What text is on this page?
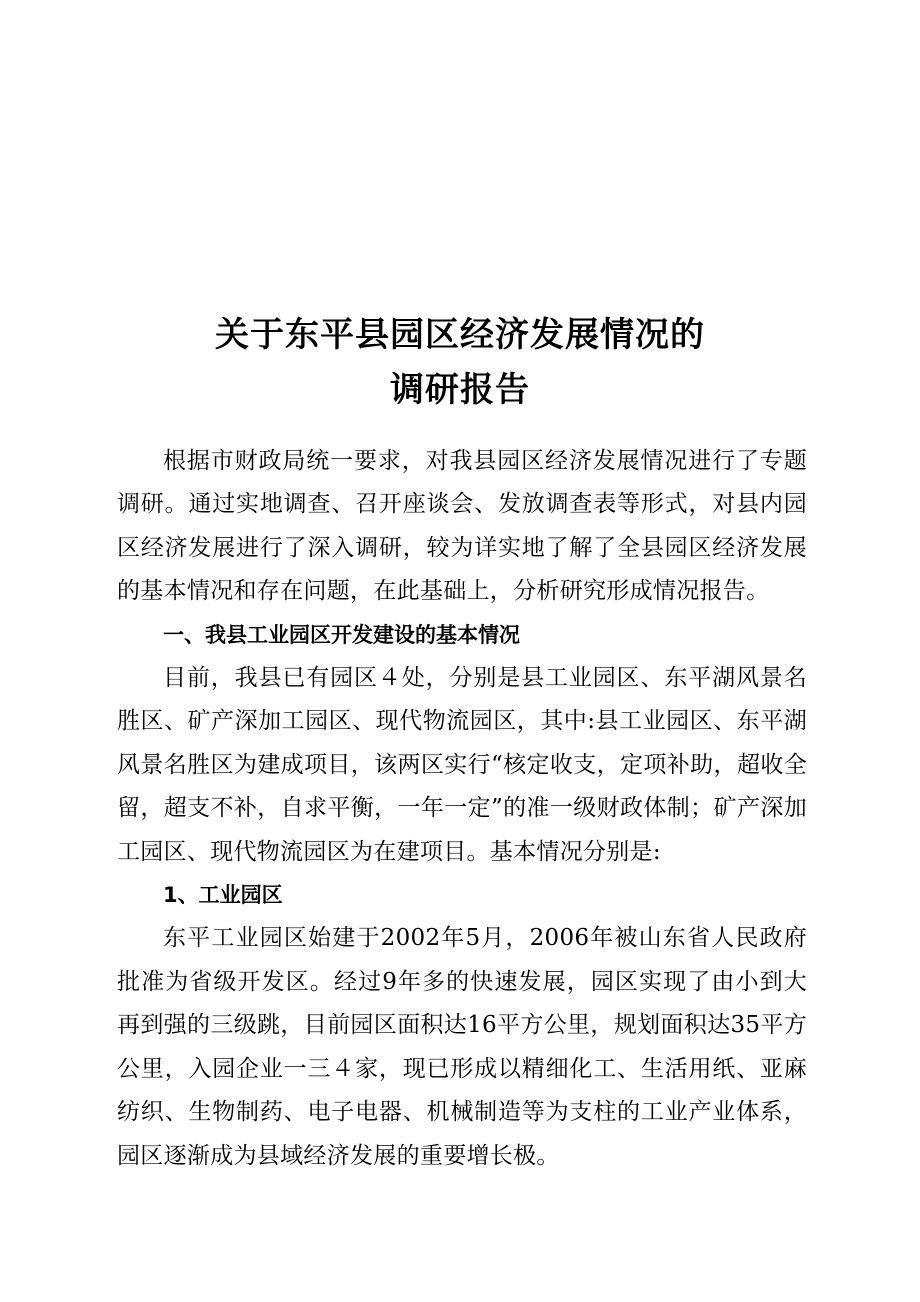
关于东平县园区经济发展情况的
调研报告

根据市财政局统一要求，对我县园区经济发展情况进行了专题调研。通过实地调查、召开座谈会、发放调查表等形式，对县内园区经济发展进行了深入调研，较为详实地了解了全县园区经济发展的基本情况和存在问题，在此基础上，分析研究形成情况报告。

一、我县工业园区开发建设的基本情况

目前，我县已有园区４处，分别是县工业园区、东平湖风景名胜区、矿产深加工园区、现代物流园区，其中:县工业园区、东平湖风景名胜区为建成项目，该两区实行“核定收支，定项补助，超收全留，超支不补，自求平衡，一年一定”的准一级财政体制；矿产深加工园区、现代物流园区为在建项目。基本情况分别是:

1、工业园区

东平工业园区始建于2002年5月，2006年被山东省人民政府批准为省级开发区。经过9年多的快速发展，园区实现了由小到大再到强的三级跳，目前园区面积达16平方公里，规划面积达35平方公里，入园企业一三４家，现已形成以精细化工、生活用纸、亚麻纺织、生物制药、电子电器、机械制造等为支柱的工业产业体系，园区逐渐成为县域经济发展的重要增长极。
